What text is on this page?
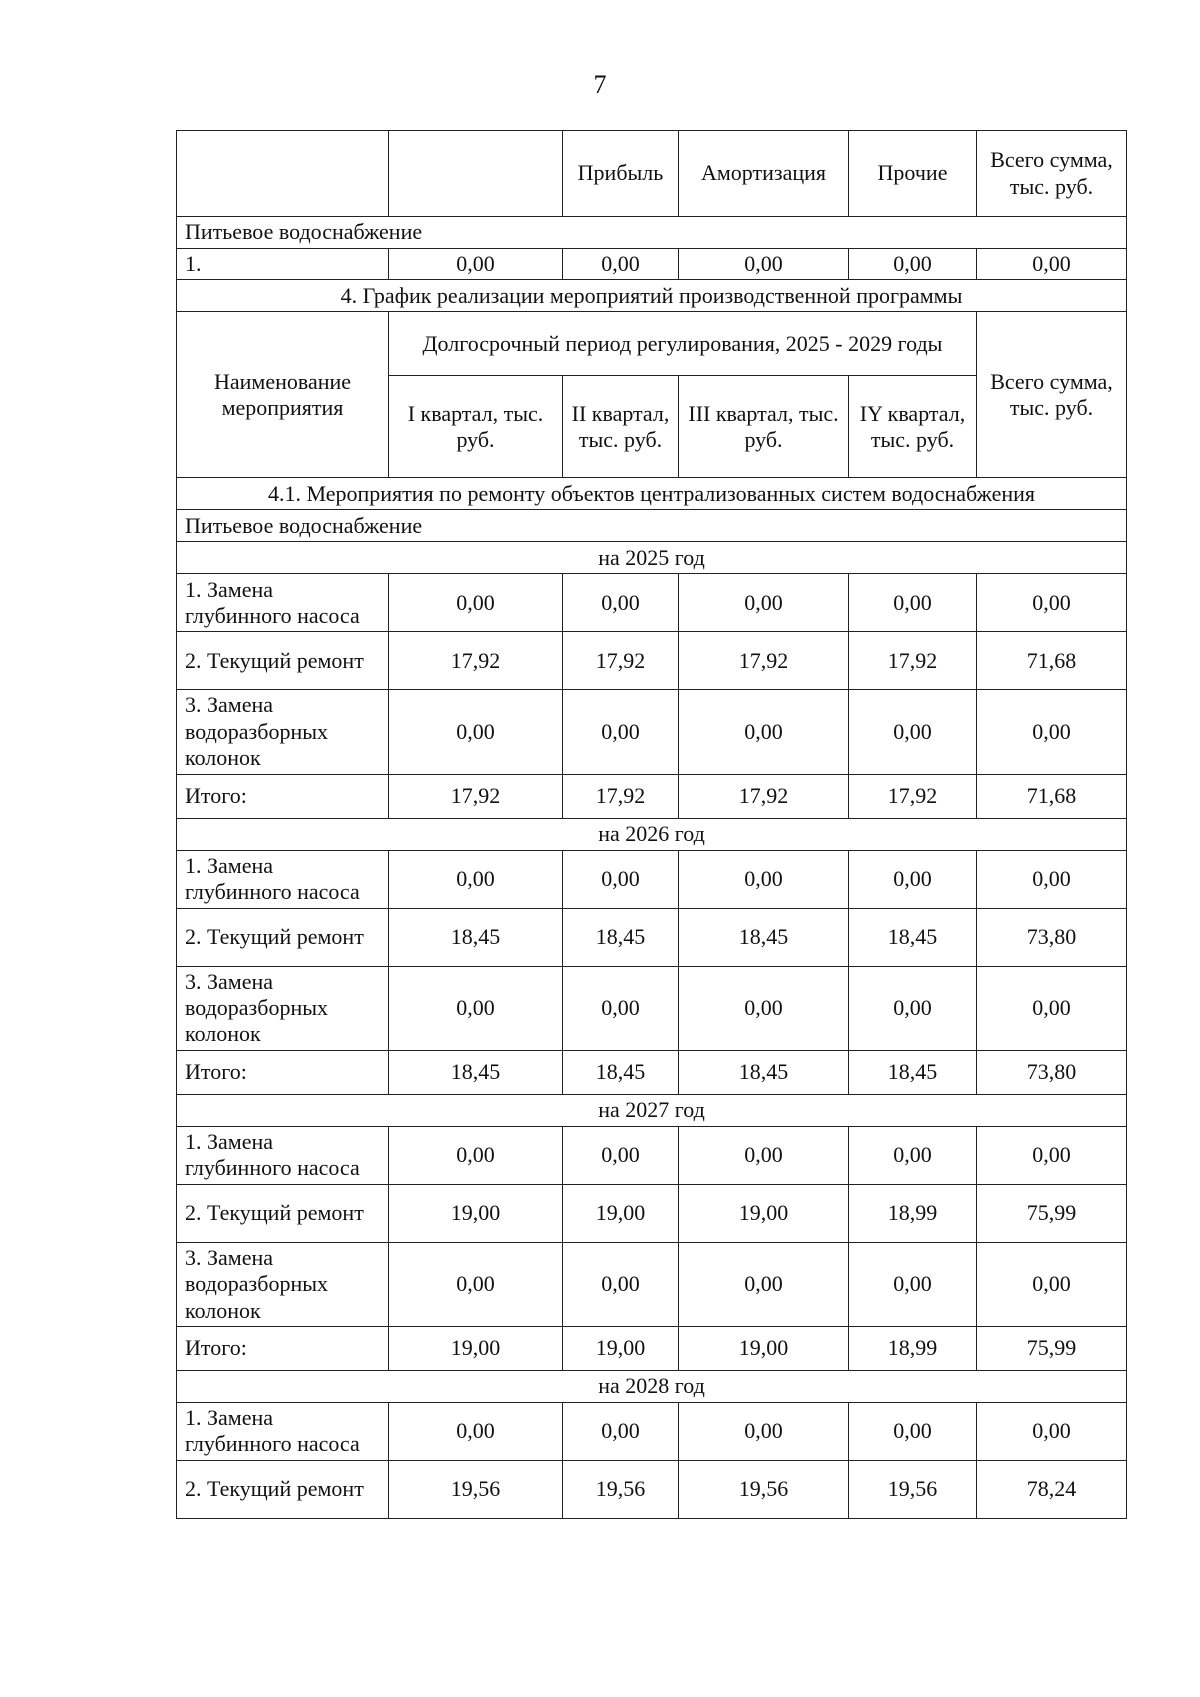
7
		Прибыль	Амортизация	Прочие	Всего сумма, тыс. руб.
Питьевое водоснабжение					
1.	0,00	0,00	0,00	0,00	0,00
4. График реализации мероприятий производственной программы					
Наименование мероприятия	Долгосрочный период регулирования, 2025 - 2029 годы				Всего сумма, тыс. руб.
	I квартал, тыс. руб.	II квартал, тыс. руб.	III квартал, тыс. руб.	IY квартал, тыс. руб.	
4.1. Мероприятия по ремонту объектов централизованных систем водоснабжения					
Питьевое водоснабжение					
на 2025 год					
1. Замена глубинного насоса	0,00	0,00	0,00	0,00	0,00
2. Текущий ремонт	17,92	17,92	17,92	17,92	71,68
3. Замена водоразборных колонок	0,00	0,00	0,00	0,00	0,00
Итого:	17,92	17,92	17,92	17,92	71,68
на 2026 год					
1. Замена глубинного насоса	0,00	0,00	0,00	0,00	0,00
2. Текущий ремонт	18,45	18,45	18,45	18,45	73,80
3. Замена водоразборных колонок	0,00	0,00	0,00	0,00	0,00
Итого:	18,45	18,45	18,45	18,45	73,80
на 2027 год					
1. Замена глубинного насоса	0,00	0,00	0,00	0,00	0,00
2. Текущий ремонт	19,00	19,00	19,00	18,99	75,99
3. Замена водоразборных колонок	0,00	0,00	0,00	0,00	0,00
Итого:	19,00	19,00	19,00	18,99	75,99
на 2028 год					
1. Замена глубинного насоса	0,00	0,00	0,00	0,00	0,00
2. Текущий ремонт	19,56	19,56	19,56	19,56	78,24
